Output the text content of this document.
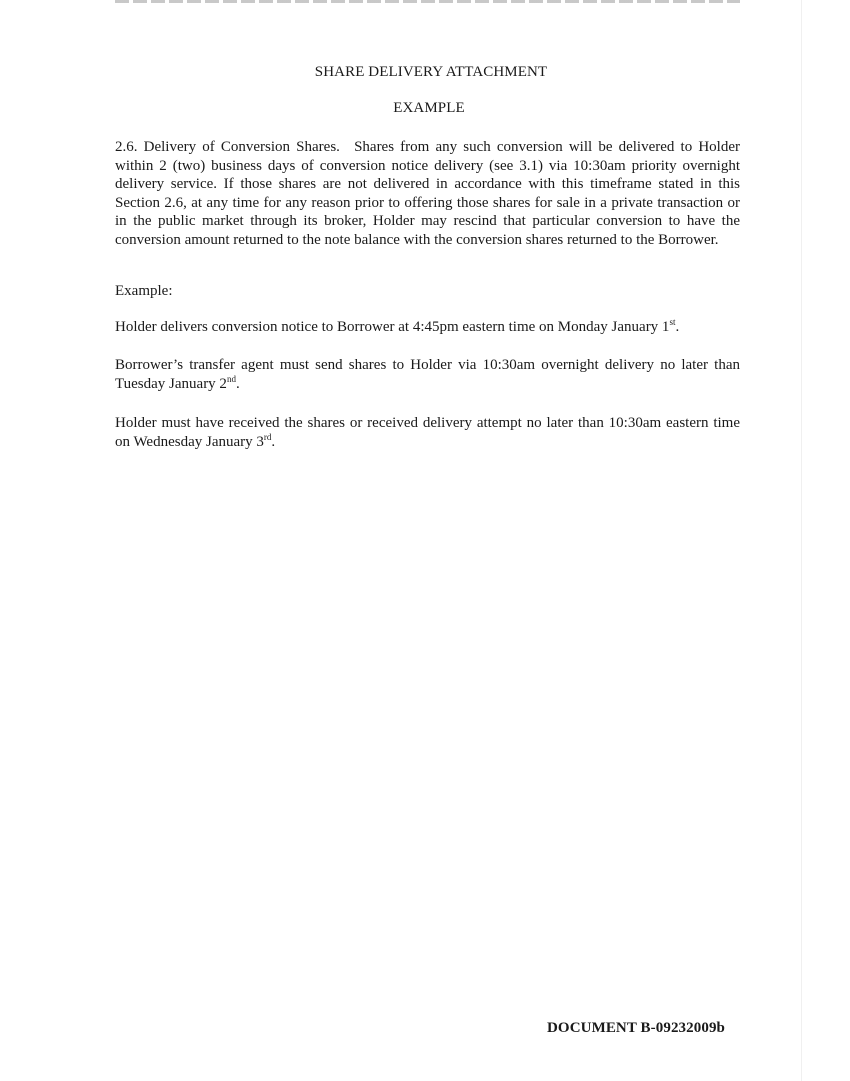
SHARE DELIVERY ATTACHMENT
EXAMPLE
2.6. Delivery of Conversion Shares. Shares from any such conversion will be delivered to Holder within 2 (two) business days of conversion notice delivery (see 3.1) via 10:30am priority overnight delivery service. If those shares are not delivered in accordance with this timeframe stated in this Section 2.6, at any time for any reason prior to offering those shares for sale in a private transaction or in the public market through its broker, Holder may rescind that particular conversion to have the conversion amount returned to the note balance with the conversion shares returned to the Borrower.
Example:
Holder delivers conversion notice to Borrower at 4:45pm eastern time on Monday January 1st.
Borrower’s transfer agent must send shares to Holder via 10:30am overnight delivery no later than Tuesday January 2nd.
Holder must have received the shares or received delivery attempt no later than 10:30am eastern time on Wednesday January 3rd.
DOCUMENT B-09232009b
